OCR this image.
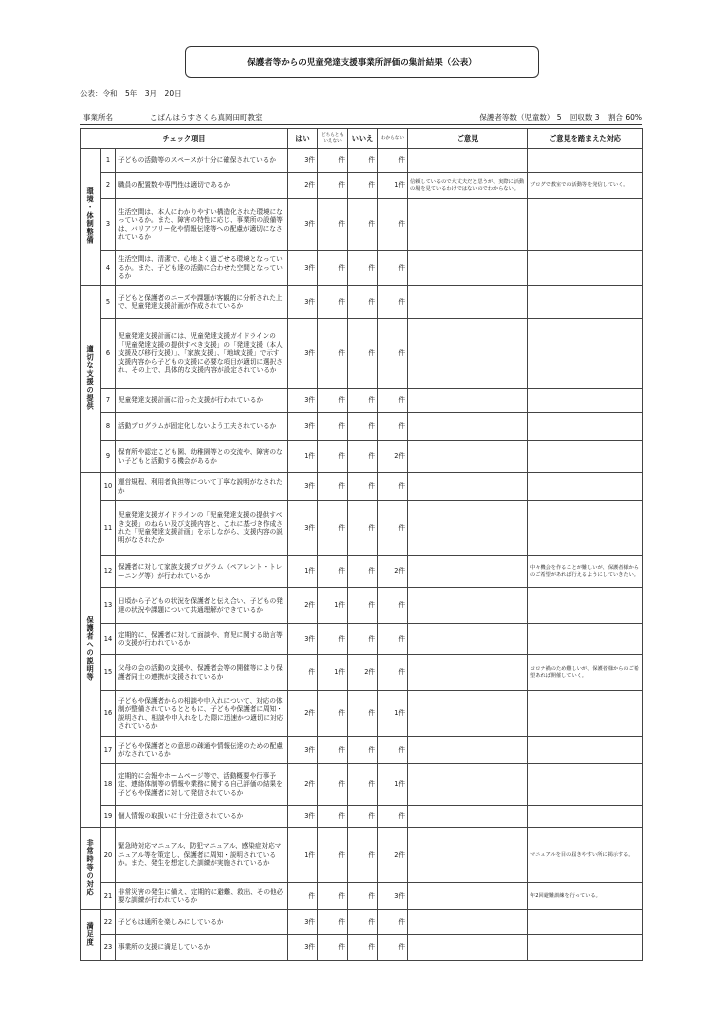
保護者等からの児童発達支援事業所評価の集計結果（公表）
公表：令和　5年　3月　20日
事業所名	こばんはうすさくら真岡田町教室	保護者等数（児童数） 5 回収数 3 割合 60%
チェック項目			はい	どちらともいえない	いいえ	わからない	ご意見	ご意見を踏まえた対応
環境・体制整備	1	子どもの活動等のスペースが十分に確保されているか	3件	件	件	件		
	2	職員の配置数や専門性は適切であるか	2件	件	件	1件	信頼しているので大丈夫だと思うが、実際に活動の場を見ているわけではないのでわからない。	ブログで教室での活動等を発信していく。
	3	生活空間は、本人にわかりやすい構造化された環境になっているか。また、障害の特性に応じ、事業所の設備等は、バリアフリー化や情報伝達等への配慮が適切になされているか	3件	件	件	件		
	4	生活空間は、清潔で、心地よく過ごせる環境となっているか。また、子ども達の活動に合わせた空間となっているか	3件	件	件	件		
適切な支援の提供	5	子どもと保護者のニーズや課題が客観的に分析された上で、児童発達支援計画が作成されているか	3件	件	件	件		
	6	児童発達支援計画には、児童発達支援ガイドラインの「児童発達支援の提供すべき支援」の「発達支援（本人支援及び移行支援）」、「家族支援」、「地域支援」で示す支援内容から子どもの支援に必要な項目が適切に選択され、その上で、具体的な支援内容が設定されているか	3件	件	件	件		
	7	児童発達支援計画に沿った支援が行われているか	3件	件	件	件		
	8	活動プログラムが固定化しないよう工夫されているか	3件	件	件	件		
	9	保育所や認定こども園、幼稚園等との交流や、障害のない子どもと活動する機会があるか	1件	件	件	2件		
保護者への説明等	10	運営規程、利用者負担等について丁寧な説明がなされたか	3件	件	件	件		
	11	児童発達支援ガイドラインの「児童発達支援の提供すべき支援」のねらい及び支援内容と、これに基づき作成された「児童発達支援計画」を示しながら、支援内容の説明がなされたか	3件	件	件	件		
	12	保護者に対して家族支援プログラム（ペアレント・トレーニング等）が行われているか	1件	件	件	2件		中々機会を作ることが難しいが、保護者様からのご希望があれば行えるようにしていきたい。
	13	日頃から子どもの状況を保護者と伝え合い、子どもの発達の状況や課題について共通理解ができているか	2件	1件	件	件		
	14	定期的に、保護者に対して面談や、育児に関する助言等の支援が行われているか	3件	件	件	件		
	15	父母の会の活動の支援や、保護者会等の開催等により保護者同士の連携が支援されているか	件	1件	2件	件		コロナ禍のため難しいが、保護者様からのご希望あれば開催していく。
	16	子どもや保護者からの相談や申入れについて、対応の体制が整備されているとともに、子どもや保護者に周知・説明され、相談や申入れをした際に迅速かつ適切に対応されているか	2件	件	件	1件		
	17	子どもや保護者との意思の疎通や情報伝達のための配慮がなされているか	3件	件	件	件		
	18	定期的に会報やホームページ等で、活動概要や行事予定、連絡体制等の情報や業務に関する自己評価の結果を子どもや保護者に対して発信されているか	2件	件	件	1件		
	19	個人情報の取扱いに十分注意されているか	3件	件	件	件		
非常時等の対応	20	緊急時対応マニュアル、防犯マニュアル、感染症対応マニュアル等を策定し、保護者に周知・説明されているか。また、発生を想定した訓練が実施されているか	1件	件	件	2件		マニュアルを目の届きやすい所に掲示する。
	21	非常災害の発生に備え、定期的に避難、救出、その他必要な訓練が行われているか	件	件	件	3件		年2回避難訓練を行っている。
満足度	22	子どもは通所を楽しみにしているか	3件	件	件	件		
	23	事業所の支援に満足しているか	3件	件	件	件		
